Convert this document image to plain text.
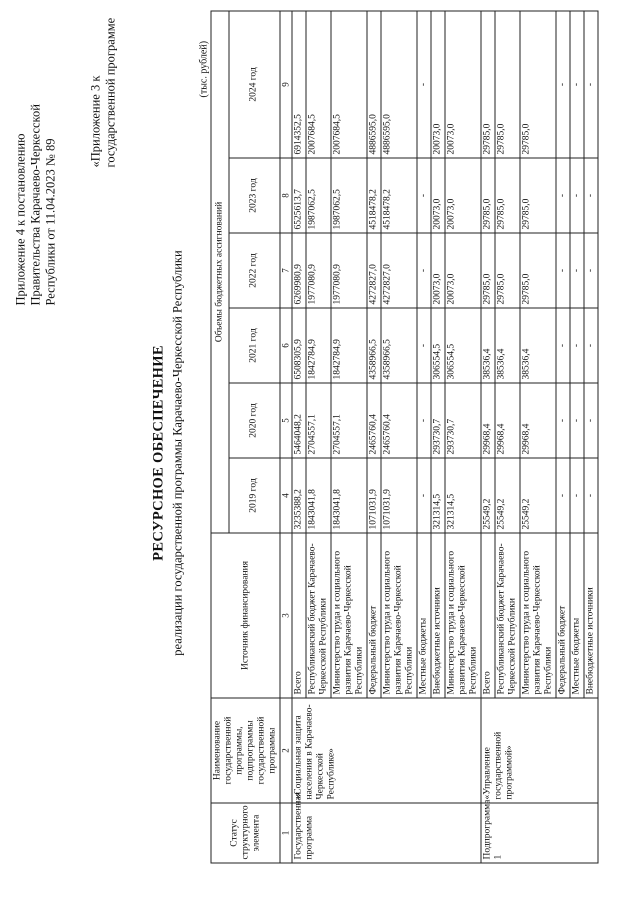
Приложение 4 к постановлению Правительства Карачаево-Черкесской Республики от 11.04.2023 № 89
«Приложение 3 к государственной программе
РЕСУРСНОЕ ОБЕСПЕЧЕНИЕ реализации государственной программы Карачаево-Черкесской Республики
(тыс. рублей)
Статус структурного элемента	Наименование государственной программы, подпрограммы государственной программы	Источник финансирования	Объемы бюджетных ассигнований					
			2019 год	2020 год	2021 год	2022 год	2023 год	2024 год
1	2	3	4	5	6	7	8	9
Государственная программа	«Социальная защита населения в Карачаево-Черкесской Республике»	Всего	3235388,2	5464048,2	6508305,9	6269980,9	6525613,7	6914352,5
		Республиканский бюджет Карачаево-Черкесской Республики	1843041,8	2704557,1	1842784,9	1977080,9	1987062,5	2007684,5
		Министерство труда и социального развития Карачаево-Черкесской Республики	1843041,8	2704557,1	1842784,9	1977080,9	1987062,5	2007684,5
		Федеральный бюджет	1071031,9	2465760,4	4358966,5	4272827,0	4518478,2	4886595,0
		Министерство труда и социального развития Карачаево-Черкесской Республики	1071031,9	2465760,4	4358966,5	4272827,0	4518478,2	4886595,0
		Местные бюджеты	-	-	-	-	-	-
		Внебюджетные источники	321314,5	293730,7	306554,5	20073,0	20073,0	20073,0
		Министерство труда и социального развития Карачаево-Черкесской Республики	321314,5	293730,7	306554,5	20073,0	20073,0	20073,0
Подпрограмма 1	«Управление государственной программой»	Всего	25549,2	29968,4	38536,4	29785,0	29785,0	29785,0
		Республиканский бюджет Карачаево-Черкесской Республики	25549,2	29968,4	38536,4	29785,0	29785,0	29785,0
		Министерство труда и социального развития Карачаево-Черкесской Республики	25549,2	29968,4	38536,4	29785,0	29785,0	29785,0
		Федеральный бюджет	-	-	-	-	-	-
		Местные бюджеты	-	-	-	-	-	-
		Внебюджетные источники	-	-	-	-	-	-
